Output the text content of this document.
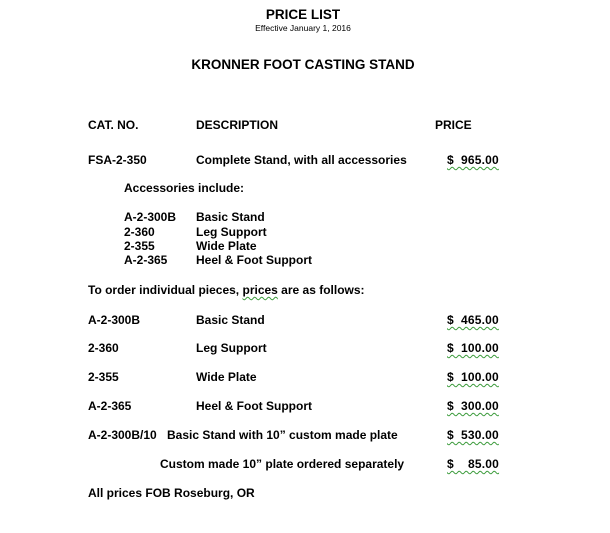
PRICE LIST
Effective January 1, 2016
KRONNER FOOT CASTING STAND
CAT. NO.	DESCRIPTION	PRICE
FSA-2-350	Complete Stand, with all accessories	$  965.00
Accessories include:
A-2-300B Basic Stand
2-360	Leg Support
2-355	Wide Plate
A-2-365 Heel & Foot Support
To order individual pieces, prices are as follows:
A-2-300B	Basic Stand	$  465.00
2-360	Leg Support	$  100.00
2-355	Wide Plate	$  100.00
A-2-365	Heel & Foot Support	$  300.00
A-2-300B/10 Basic Stand with 10” custom made plate	$  530.00
Custom made 10” plate ordered separately	$    85.00
All prices FOB Roseburg, OR
